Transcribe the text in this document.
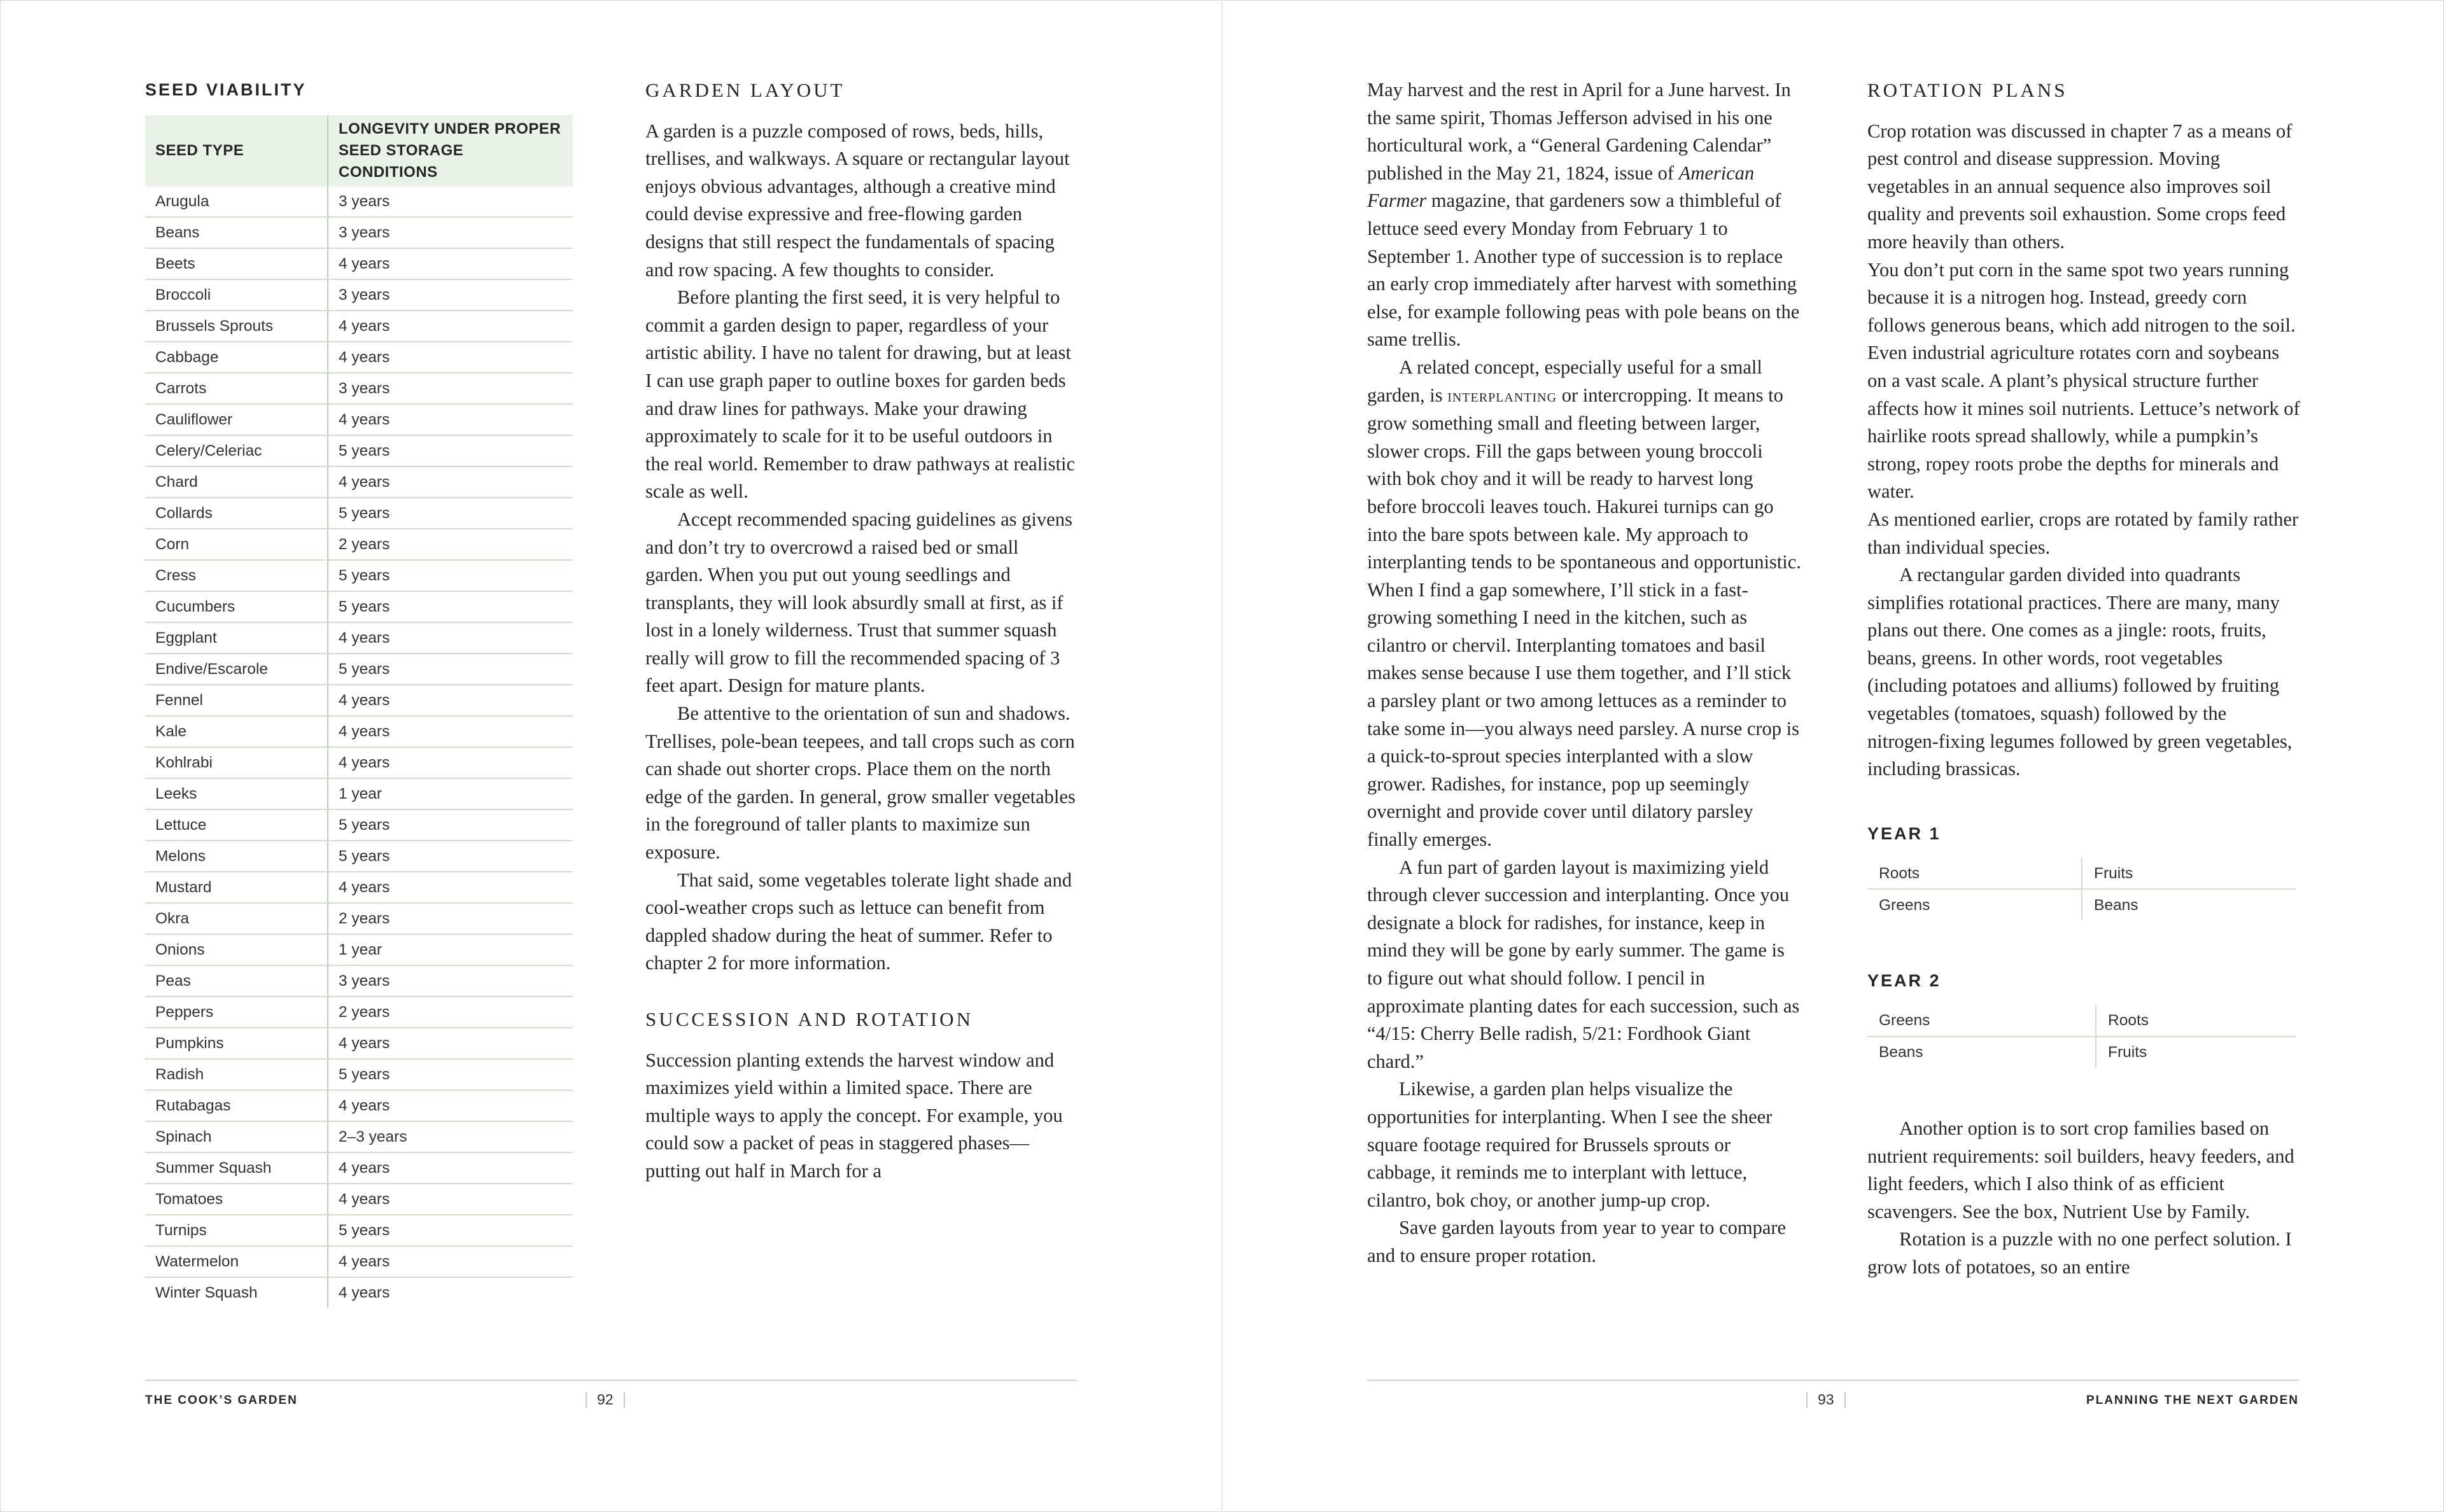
SEED VIABILITY
SEED TYPE	LONGEVITY UNDER PROPER SEED STORAGE CONDITIONS
Arugula	3 years
Beans	3 years
Beets	4 years
Broccoli	3 years
Brussels Sprouts	4 years
Cabbage	4 years
Carrots	3 years
Cauliflower	4 years
Celery/Celeriac	5 years
Chard	4 years
Collards	5 years
Corn	2 years
Cress	5 years
Cucumbers	5 years
Eggplant	4 years
Endive/Escarole	5 years
Fennel	4 years
Kale	4 years
Kohlrabi	4 years
Leeks	1 year
Lettuce	5 years
Melons	5 years
Mustard	4 years
Okra	2 years
Onions	1 year
Peas	3 years
Peppers	2 years
Pumpkins	4 years
Radish	5 years
Rutabagas	4 years
Spinach	2–3 years
Summer Squash	4 years
Tomatoes	4 years
Turnips	5 years
Watermelon	4 years
Winter Squash	4 years
GARDEN LAYOUT

A garden is a puzzle composed of rows, beds, hills, trellises, and walkways. A square or rectangular layout enjoys obvious advantages, although a creative mind could devise expressive and free-flowing garden designs that still respect the fundamentals of spacing and row spacing. A few thoughts to consider.

Before planting the first seed, it is very helpful to commit a garden design to paper, regardless of your artistic ability. I have no talent for drawing, but at least I can use graph paper to outline boxes for garden beds and draw lines for pathways. Make your drawing approximately to scale for it to be useful outdoors in the real world. Remember to draw pathways at realistic scale as well.

Accept recommended spacing guidelines as givens and don’t try to overcrowd a raised bed or small garden. When you put out young seedlings and transplants, they will look absurdly small at first, as if lost in a lonely wilderness. Trust that summer squash really will grow to fill the recommended spacing of 3 feet apart. Design for mature plants.

Be attentive to the orientation of sun and shadows. Trellises, pole-bean teepees, and tall crops such as corn can shade out shorter crops. Place them on the north edge of the garden. In general, grow smaller vegetables in the foreground of taller plants to maximize sun exposure.

That said, some vegetables tolerate light shade and cool-weather crops such as lettuce can benefit from dappled shadow during the heat of summer. Refer to chapter 2 for more information.

SUCCESSION AND ROTATION

Succession planting extends the harvest window and maximizes yield within a limited space. There are multiple ways to apply the concept. For example, you could sow a packet of peas in staggered phases—putting out half in March for a

THE COOK’S GARDEN	92

May harvest and the rest in April for a June harvest. In the same spirit, Thomas Jefferson advised in his one horticultural work, a “General Gardening Calendar” published in the May 21, 1824, issue of American Farmer magazine, that gardeners sow a thimbleful of lettuce seed every Monday from February 1 to September 1. Another type of succession is to replace an early crop immediately after harvest with something else, for example following peas with pole beans on the same trellis.

A related concept, especially useful for a small garden, is interplanting or intercropping. It means to grow something small and fleeting between larger, slower crops. Fill the gaps between young broccoli with bok choy and it will be ready to harvest long before broccoli leaves touch. Hakurei turnips can go into the bare spots between kale. My approach to interplanting tends to be spontaneous and opportunistic. When I find a gap somewhere, I’ll stick in a fast-growing something I need in the kitchen, such as cilantro or chervil. Interplanting tomatoes and basil makes sense because I use them together, and I’ll stick a parsley plant or two among lettuces as a reminder to take some in—you always need parsley. A nurse crop is a quick-to-sprout species interplanted with a slow grower. Radishes, for instance, pop up seemingly overnight and provide cover until dilatory parsley finally emerges.

A fun part of garden layout is maximizing yield through clever succession and interplanting. Once you designate a block for radishes, for instance, keep in mind they will be gone by early summer. The game is to figure out what should follow. I pencil in approximate planting dates for each succession, such as “4/15: Cherry Belle radish, 5/21: Fordhook Giant chard.”

Likewise, a garden plan helps visualize the opportunities for interplanting. When I see the sheer square footage required for Brussels sprouts or cabbage, it reminds me to interplant with lettuce, cilantro, bok choy, or another jump-up crop.

Save garden layouts from year to year to compare and to ensure proper rotation.

ROTATION PLANS

Crop rotation was discussed in chapter 7 as a means of pest control and disease suppression. Moving vegetables in an annual sequence also improves soil quality and prevents soil exhaustion. Some crops feed more heavily than others.

You don’t put corn in the same spot two years running because it is a nitrogen hog. Instead, greedy corn follows generous beans, which add nitrogen to the soil. Even industrial agriculture rotates corn and soybeans on a vast scale. A plant’s physical structure further affects how it mines soil nutrients. Lettuce’s network of hairlike roots spread shallowly, while a pumpkin’s strong, ropey roots probe the depths for minerals and water.

As mentioned earlier, crops are rotated by family rather than individual species.

A rectangular garden divided into quadrants simplifies rotational practices. There are many, many plans out there. One comes as a jingle: roots, fruits, beans, greens. In other words, root vegetables (including potatoes and alliums) followed by fruiting vegetables (tomatoes, squash) followed by the nitrogen-fixing legumes followed by green vegetables, including brassicas.

YEAR 1
Roots	Fruits
Greens	Beans
YEAR 2
Greens	Roots
Beans	Fruits

Another option is to sort crop families based on nutrient requirements: soil builders, heavy feeders, and light feeders, which I also think of as efficient scavengers. See the box, Nutrient Use by Family.

Rotation is a puzzle with no one perfect solution. I grow lots of potatoes, so an entire

93	PLANNING THE NEXT GARDEN
